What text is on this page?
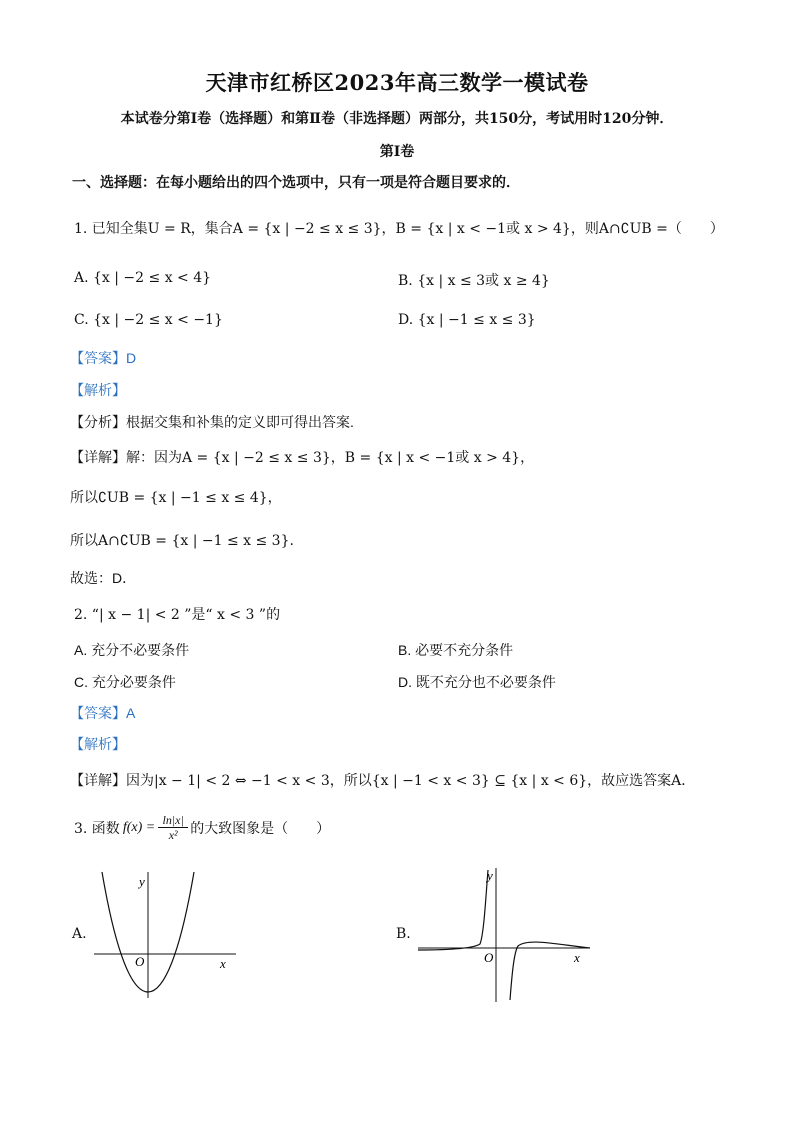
天津市红桥区2023年高三数学一模试卷
本试卷分第Ⅰ卷（选择题）和第Ⅱ卷（非选择题）两部分，共150分，考试用时120分钟．
第Ⅰ卷
一、选择题：在每小题给出的四个选项中，只有一项是符合题目要求的．
1. 已知全集U = R，集合A = {x | −2 ≤ x ≤ 3}，B = {x | x < −1或 x > 4}，则A∩∁UB =（　　）
A. {x | −2 ≤ x < 4}	B. {x | x ≤ 3或 x ≥ 4}
C. {x | −2 ≤ x < −1}	D. {x | −1 ≤ x ≤ 3}
【答案】D
【解析】
【分析】根据交集和补集的定义即可得出答案.
【详解】解：因为A = {x | −2 ≤ x ≤ 3}，B = {x | x < −1或 x > 4}，
所以∁UB = {x | −1 ≤ x ≤ 4}，
所以A∩∁UB = {x | −1 ≤ x ≤ 3}.
故选：D．
2. “| x − 1| < 2 ”是“ x < 3 ”的
A. 充分不必要条件	B. 必要不充分条件
C. 充分必要条件	D. 既不充分也不必要条件
【答案】A
【解析】
【详解】因为|x − 1| < 2 ⇔ −1 < x < 3，所以{x | −1 < x < 3} ⊆ {x | x < 6}，故应选答案A．
3. 函数 f(x) = ln|x|
x² 的大致图象是（　　）
A.
x
y
O
B.
x
y
O
